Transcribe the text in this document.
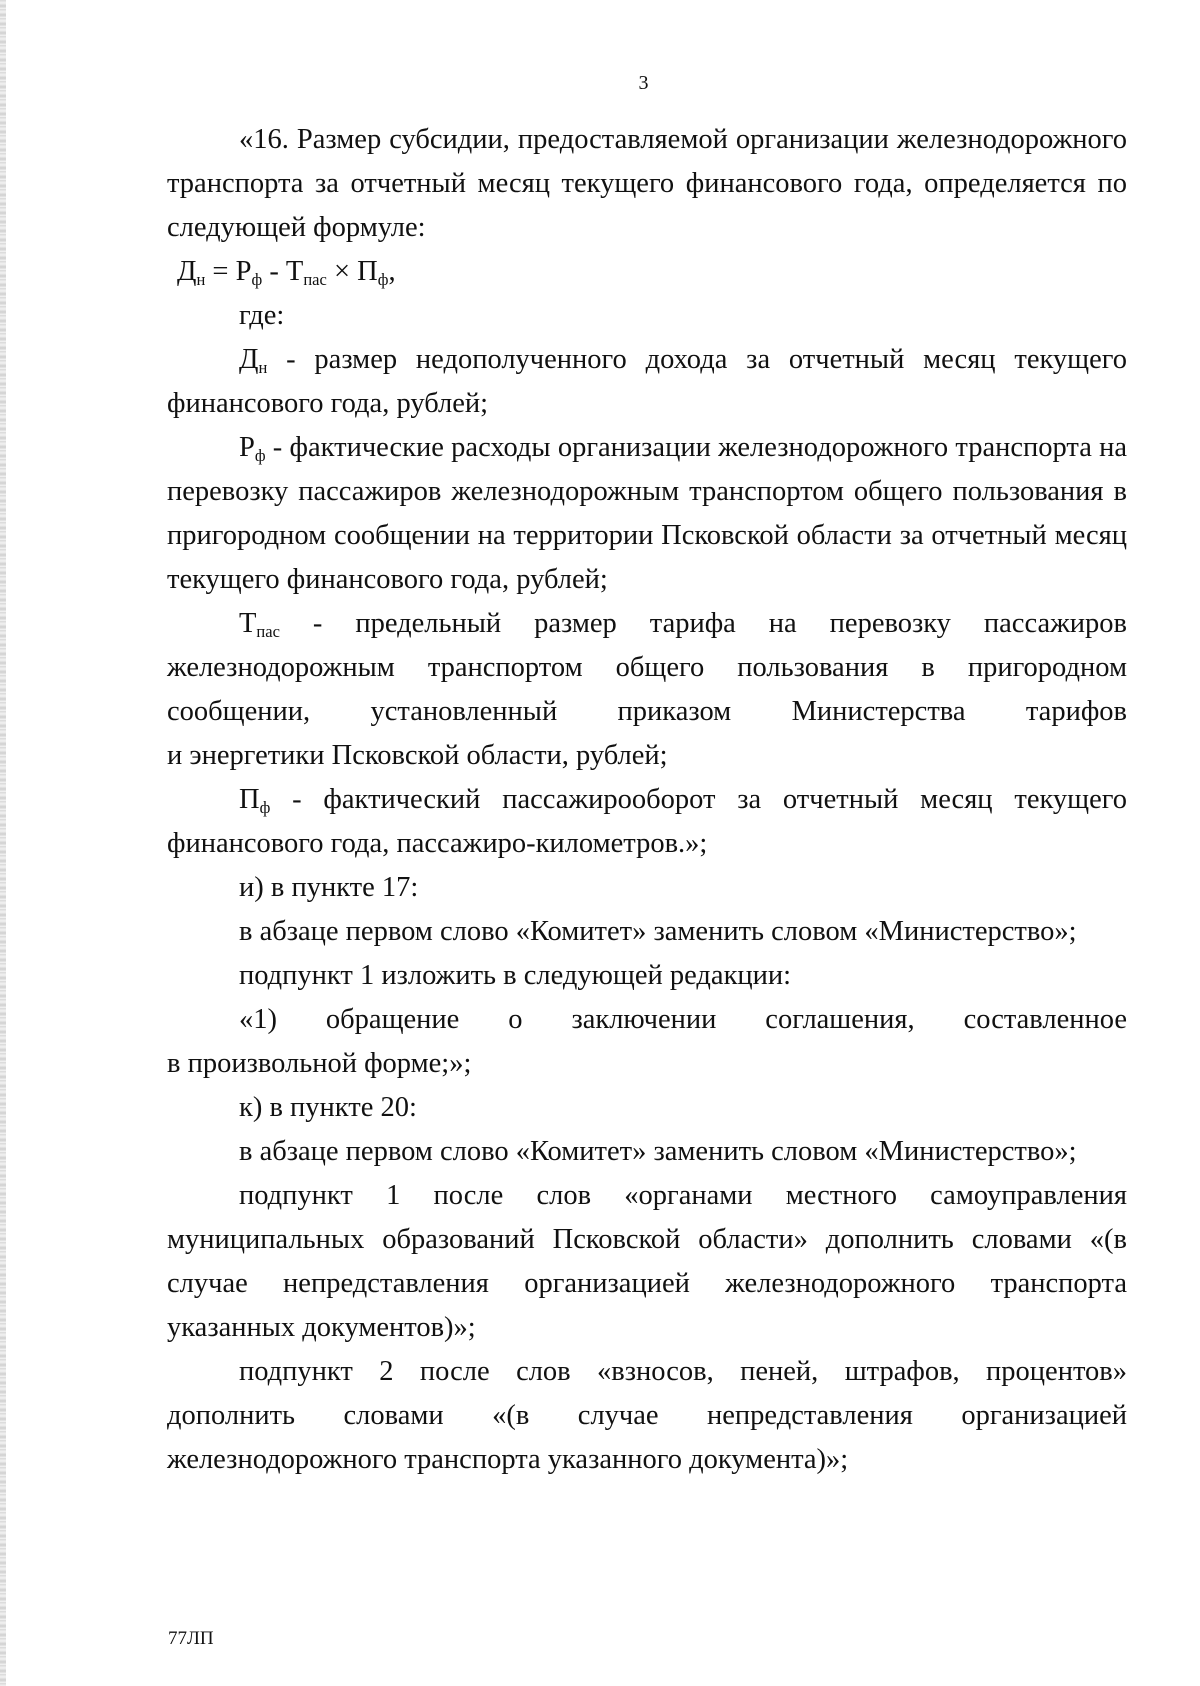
3

«16. Размер субсидии, предоставляемой организации железнодорожного транспорта за отчетный месяц текущего финансового года, определяется по следующей формуле:

$Д_н = Р_ф - Т_{пас} \times П_ф$,

где:

$Д_н$ - размер недополученного дохода за отчетный месяц текущего финансового года, рублей;

$Р_ф$ - фактические расходы организации железнодорожного транспорта на перевозку пассажиров железнодорожным транспортом общего пользования в пригородном сообщении на территории Псковской области за отчетный месяц текущего финансового года, рублей;

$Т_{пас}$ - предельный размер тарифа на перевозку пассажиров железнодорожным транспортом общего пользования в пригородном сообщении, установленный приказом Министерства тарифов

и энергетики Псковской области, рублей;

$П_ф$ - фактический пассажирооборот за отчетный месяц текущего финансового года, пассажиро-километров.»;

и) в пункте 17:

в абзаце первом слово «Комитет» заменить словом «Министерство»;

подпункт 1 изложить в следующей редакции:

«1) обращение о заключении соглашения, составленное

в произвольной форме;»;

к) в пункте 20:

в абзаце первом слово «Комитет» заменить словом «Министерство»;

подпункт 1 после слов «органами местного самоуправления муниципальных образований Псковской области» дополнить словами «(в случае непредставления организацией железнодорожного транспорта указанных документов)»;

подпункт 2 после слов «взносов, пеней, штрафов, процентов» дополнить словами «(в случае непредставления организацией железнодорожного транспорта указанного документа)»;

77ЛП
